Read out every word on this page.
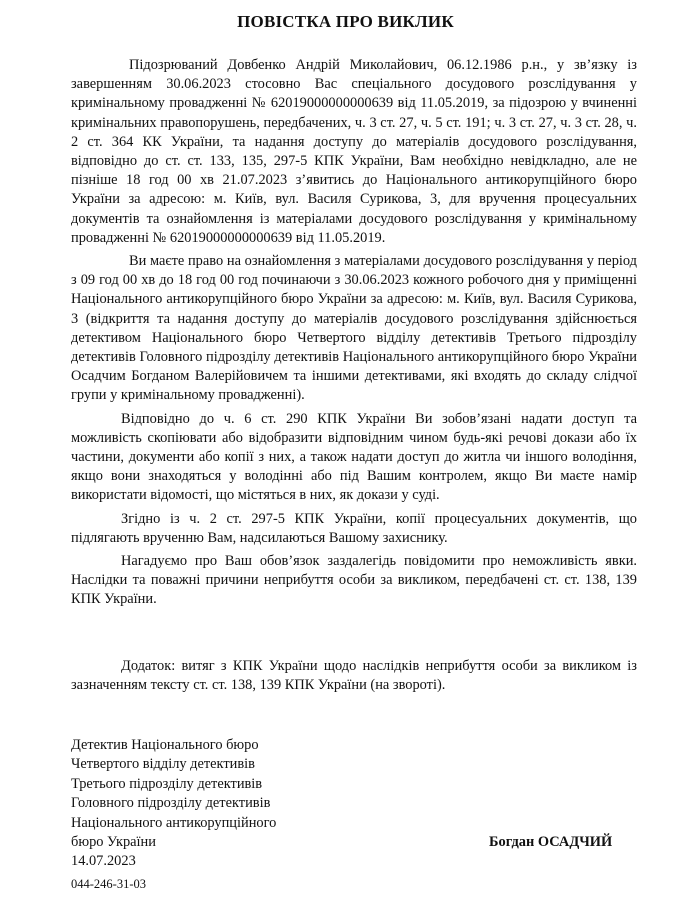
ПОВІСТКА ПРО ВИКЛИК

Підозрюваний Довбенко Андрій Миколайович, 06.12.1986 р.н., у зв’язку із завершенням 30.06.2023 стосовно Вас спеціального досудового розслідування у кримінальному провадженні № 62019000000000639 від 11.05.2019, за підозрою у вчиненні кримінальних правопорушень, передбачених, ч. 3 ст. 27, ч. 5 ст. 191; ч. 3 ст. 27, ч. 3 ст. 28, ч. 2 ст. 364 КК України, та надання доступу до матеріалів досудового розслідування, відповідно до ст. ст. 133, 135, 297-5 КПК України, Вам необхідно невідкладно, але не пізніше 18 год 00 хв 21.07.2023 з’явитись до Національного антикорупційного бюро України за адресою: м. Київ, вул. Василя Сурикова, 3, для вручення процесуальних документів та ознайомлення із матеріалами досудового розслідування у кримінальному провадженні № 62019000000000639 від 11.05.2019.

Ви маєте право на ознайомлення з матеріалами досудового розслідування у період з 09 год 00 хв до 18 год 00 год починаючи з 30.06.2023 кожного робочого дня у приміщенні Національного антикорупційного бюро України за адресою: м. Київ, вул. Василя Сурикова, 3 (відкриття та надання доступу до матеріалів досудового розслідування здійснюється детективом Національного бюро Четвертого відділу детективів Третього підрозділу детективів Головного підрозділу детективів Національного антикорупційного бюро України Осадчим Богданом Валерійовичем та іншими детективами, які входять до складу слідчої групи у кримінальному провадженні).

Відповідно до ч. 6 ст. 290 КПК України Ви зобов’язані надати доступ та можливість скопіювати або відобразити відповідним чином будь-які речові докази або їх частини, документи або копії з них, а також надати доступ до житла чи іншого володіння, якщо вони знаходяться у володінні або під Вашим контролем, якщо Ви маєте намір використати відомості, що містяться в них, як докази у суді.

Згідно із ч. 2 ст. 297-5 КПК України, копії процесуальних документів, що підлягають врученню Вам, надсилаються Вашому захиснику.

Нагадуємо про Ваш обов’язок заздалегідь повідомити про неможливість явки. Наслідки та поважні причини неприбуття особи за викликом, передбачені ст. ст. 138, 139 КПК України.

Додаток: витяг з КПК України щодо наслідків неприбуття особи за викликом із зазначенням тексту ст. ст. 138, 139 КПК України (на звороті).

Детектив Національного бюро
Четвертого відділу детективів
Третього підрозділу детективів
Головного підрозділу детективів
Національного антикорупційного
бюро України
14.07.2023
Богдан ОСАДЧИЙ
044-246-31-03
